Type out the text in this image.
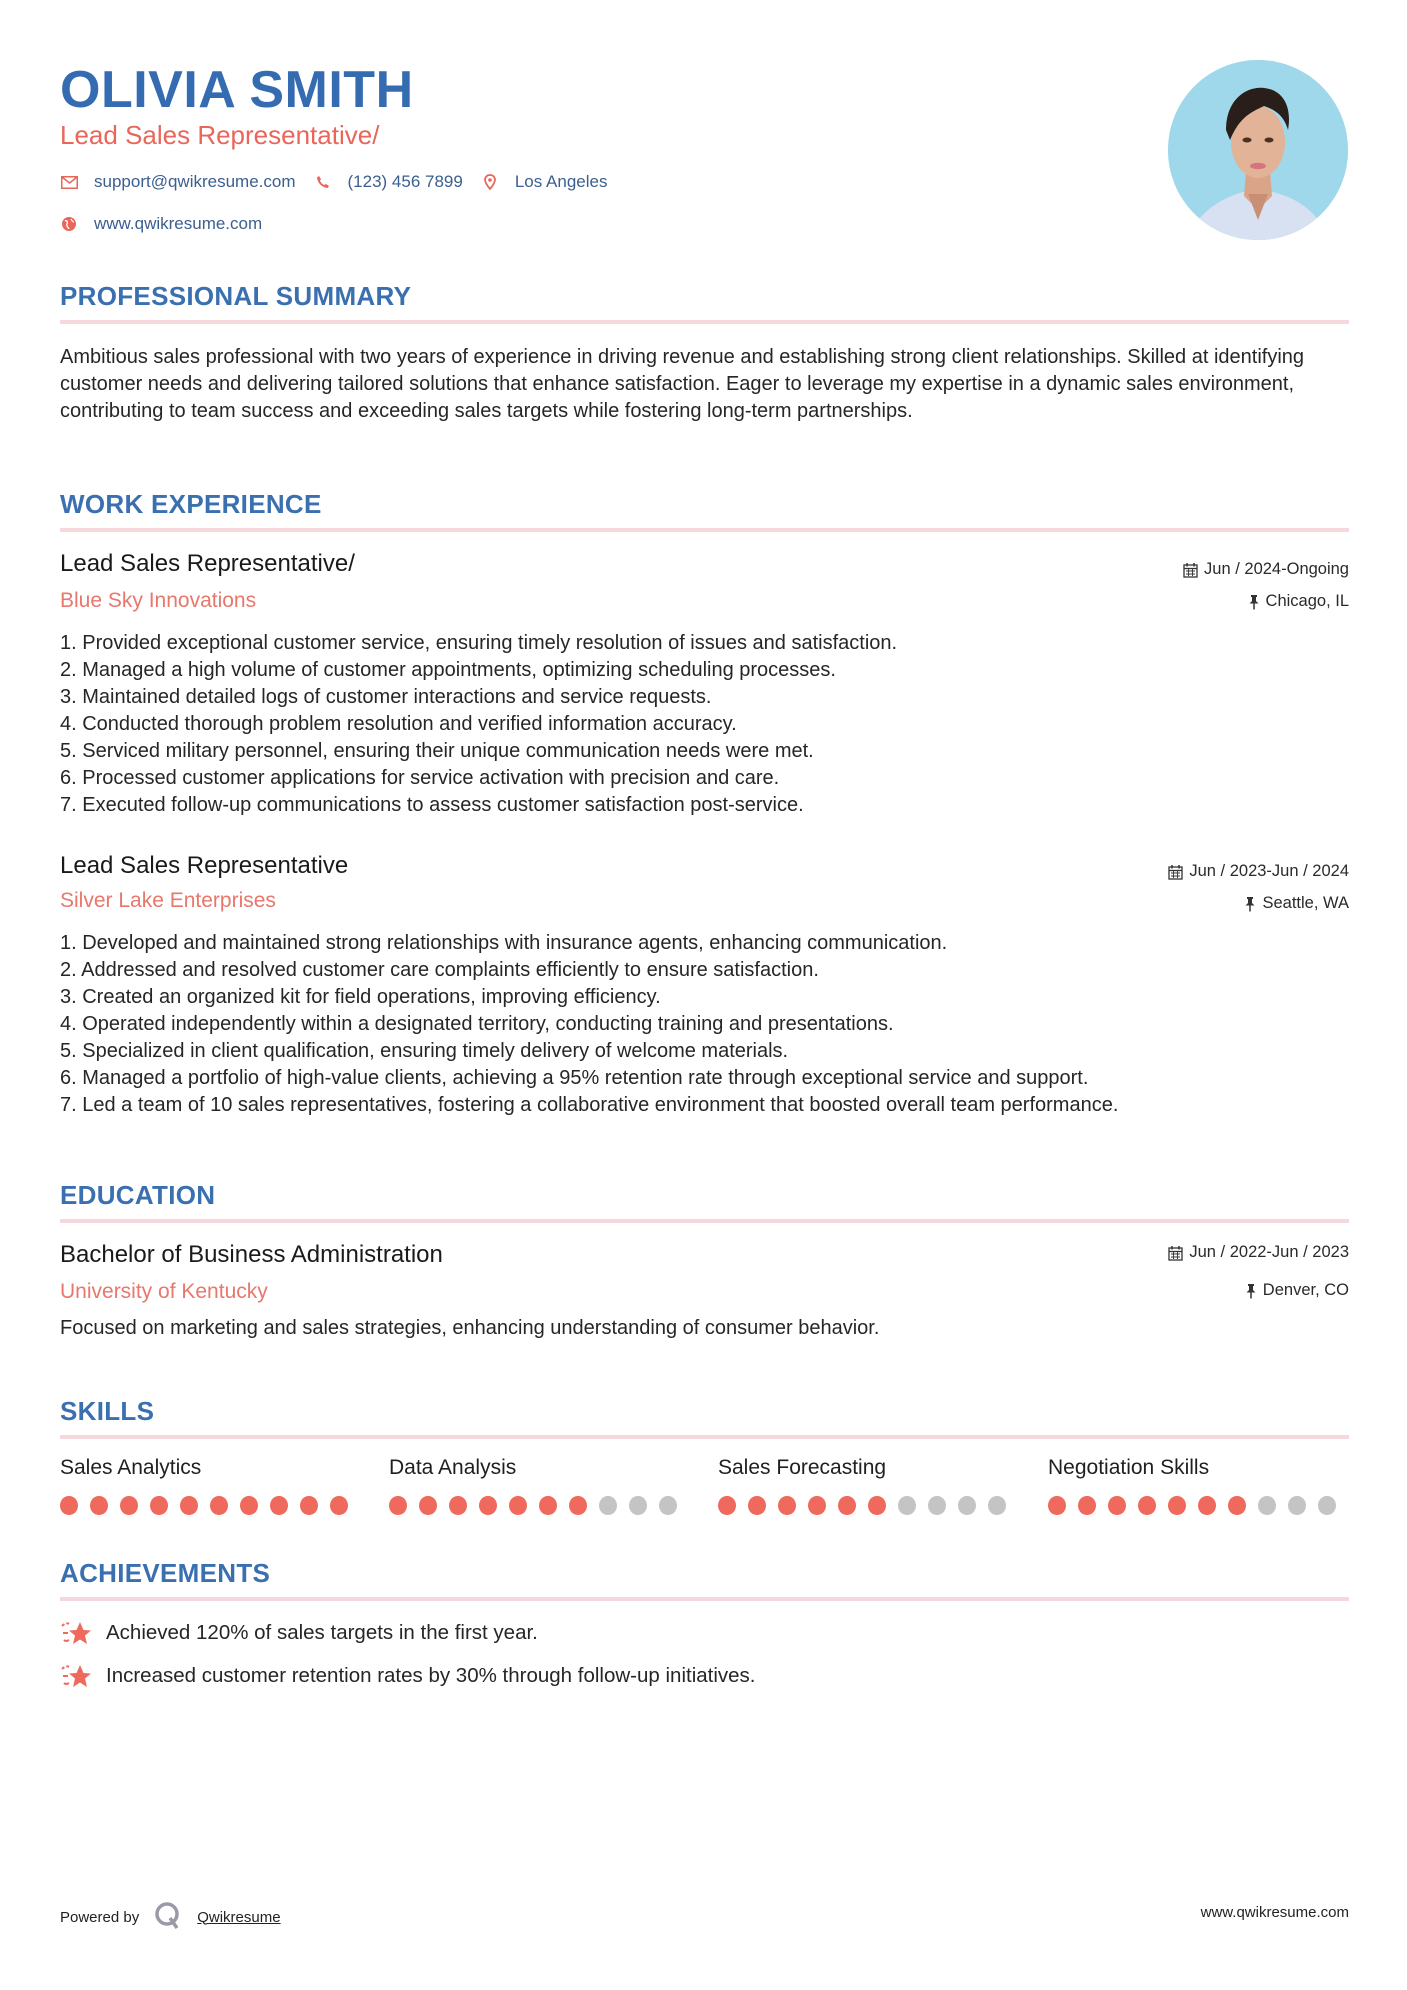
OLIVIA SMITH
Lead Sales Representative/
support@qwikresume.com	(123) 456 7899	Los Angeles
www.qwikresume.com
PROFESSIONAL SUMMARY
Ambitious sales professional with two years of experience in driving revenue and establishing strong client relationships. Skilled at identifying customer needs and delivering tailored solutions that enhance satisfaction. Eager to leverage my expertise in a dynamic sales environment, contributing to team success and exceeding sales targets while fostering long-term partnerships.
WORK EXPERIENCE
Lead Sales Representative/
Blue Sky Innovations
Jun / 2024-Ongoing
Chicago, IL
1. Provided exceptional customer service, ensuring timely resolution of issues and satisfaction.
2. Managed a high volume of customer appointments, optimizing scheduling processes.
3. Maintained detailed logs of customer interactions and service requests.
4. Conducted thorough problem resolution and verified information accuracy.
5. Serviced military personnel, ensuring their unique communication needs were met.
6. Processed customer applications for service activation with precision and care.
7. Executed follow-up communications to assess customer satisfaction post-service.
Lead Sales Representative
Silver Lake Enterprises
Jun / 2023-Jun / 2024
Seattle, WA
1. Developed and maintained strong relationships with insurance agents, enhancing communication.
2. Addressed and resolved customer care complaints efficiently to ensure satisfaction.
3. Created an organized kit for field operations, improving efficiency.
4. Operated independently within a designated territory, conducting training and presentations.
5. Specialized in client qualification, ensuring timely delivery of welcome materials.
6. Managed a portfolio of high-value clients, achieving a 95% retention rate through exceptional service and support.
7. Led a team of 10 sales representatives, fostering a collaborative environment that boosted overall team performance.
EDUCATION
Bachelor of Business Administration
University of Kentucky
Jun / 2022-Jun / 2023
Denver, CO
Focused on marketing and sales strategies, enhancing understanding of consumer behavior.
SKILLS
Sales Analytics	Data Analysis	Sales Forecasting	Negotiation Skills
ACHIEVEMENTS
Achieved 120% of sales targets in the first year.
Increased customer retention rates by 30% through follow-up initiatives.
Powered by	Qwikresume	www.qwikresume.com
